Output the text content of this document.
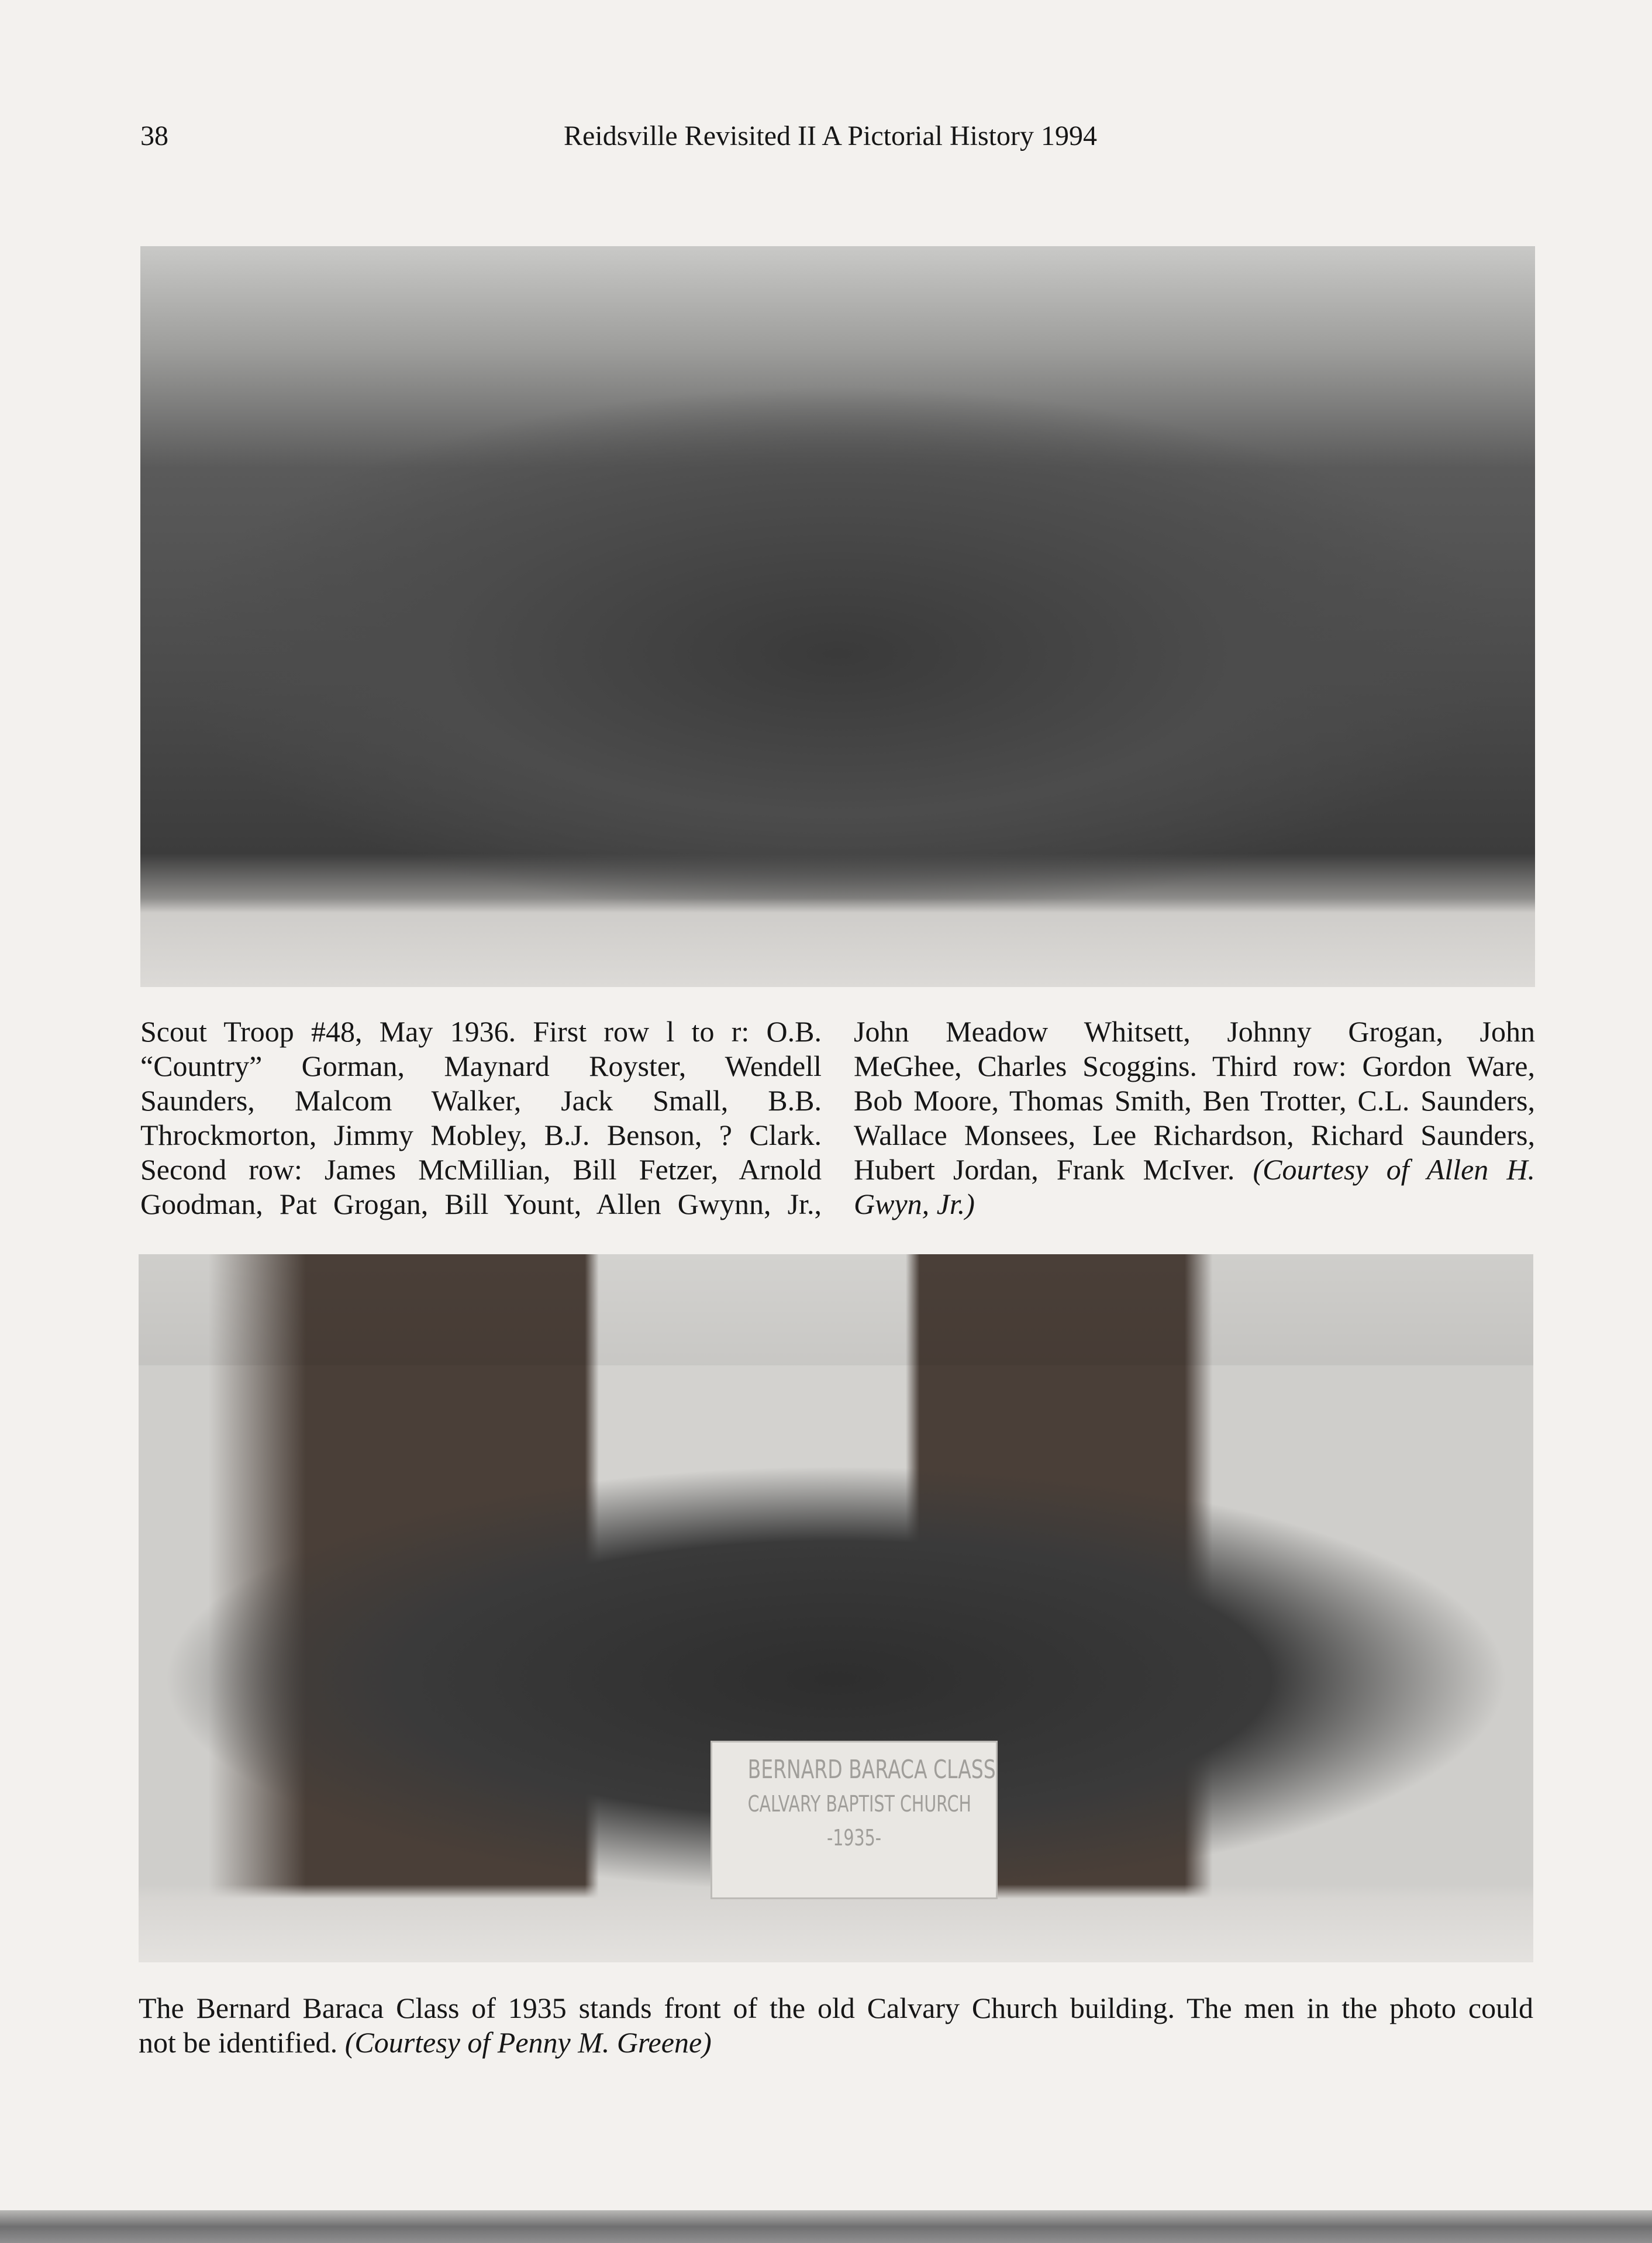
38	Reidsville Revisited II A Pictorial History 1994
Scout Troop #48, May 1936. First row l to r: O.B.
“Country” Gorman, Maynard Royster, Wendell
Saunders, Malcom Walker, Jack Small, B.B.
Throckmorton, Jimmy Mobley, B.J. Benson, ? Clark.
Second row: James McMillian, Bill Fetzer, Arnold
Goodman, Pat Grogan, Bill Yount, Allen Gwynn, Jr.,
John Meadow Whitsett, Johnny Grogan, John
MeGhee, Charles Scoggins. Third row: Gordon Ware,
Bob Moore, Thomas Smith, Ben Trotter, C.L. Saunders,
Wallace Monsees, Lee Richardson, Richard Saunders,
Hubert Jordan, Frank McIver. (Courtesy of Allen H.
Gwyn, Jr.)
BERNARD BARACA CLASS
CALVARY BAPTIST CHURCH
-1935-
The Bernard Baraca Class of 1935 stands front of the old Calvary Church building. The men in the photo could
not be identified. (Courtesy of Penny M. Greene)
